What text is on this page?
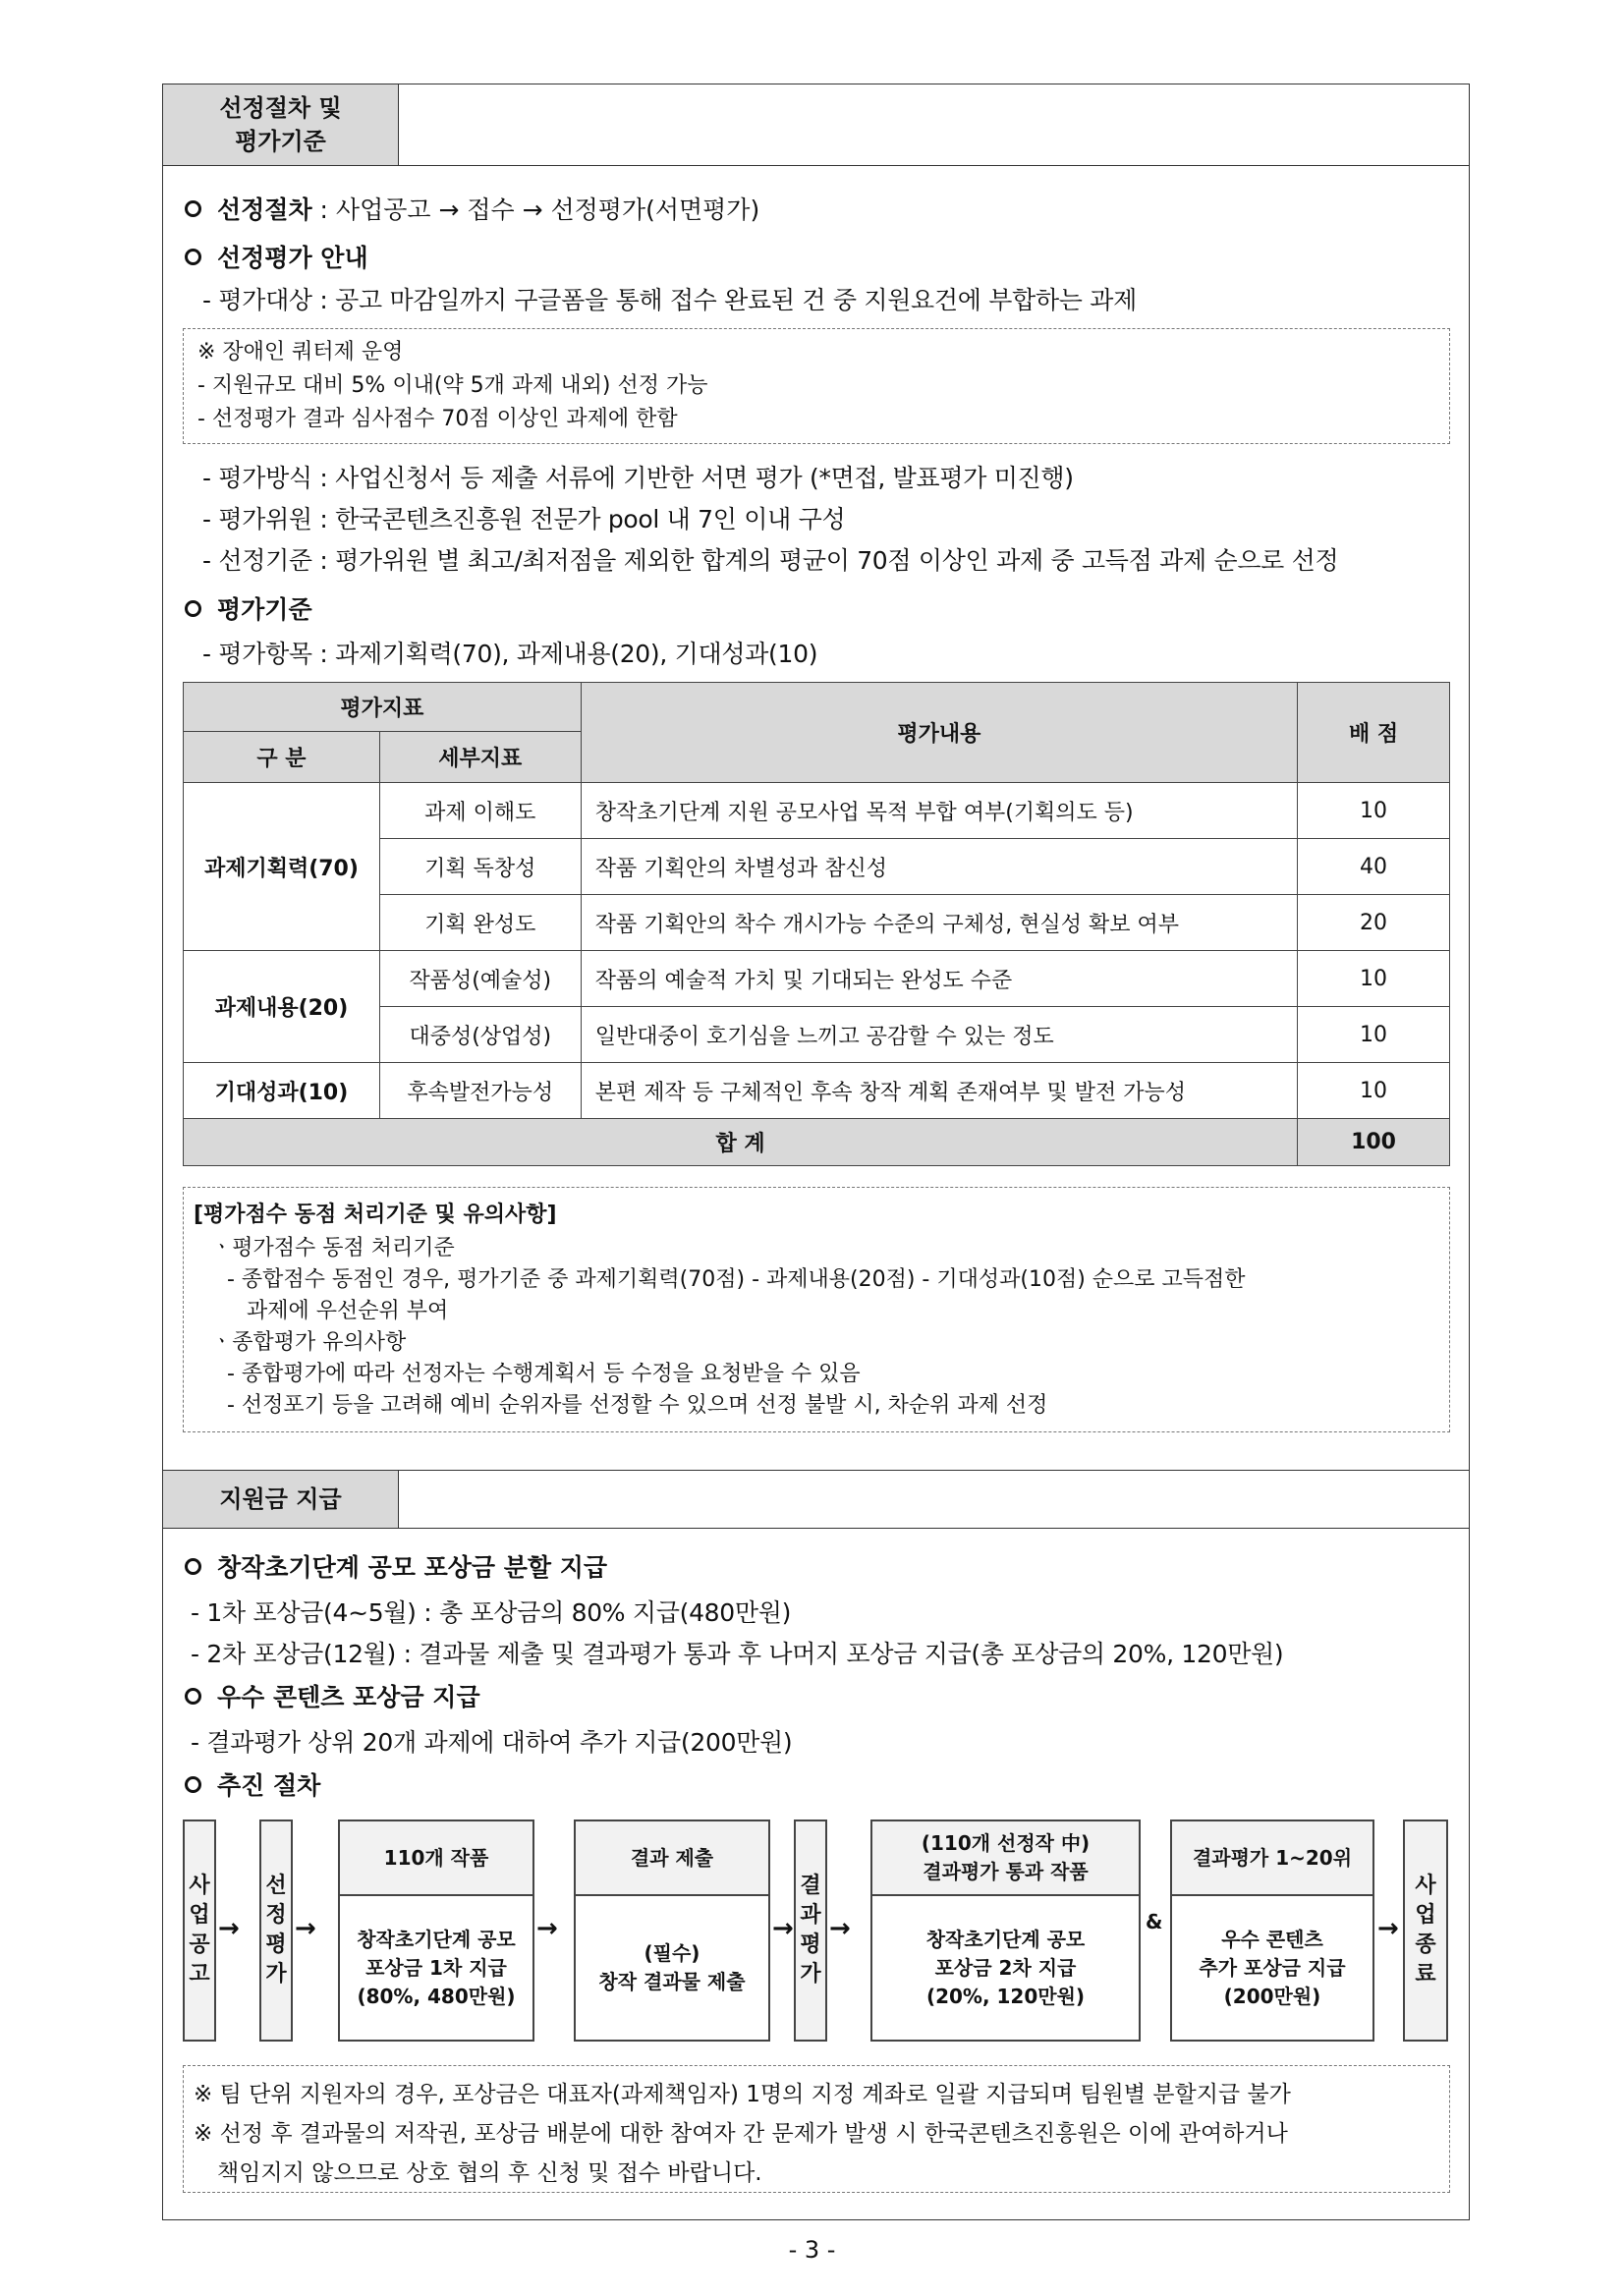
선정절차 및
평가기준
선정절차 : 사업공고 → 접수 → 선정평가(서면평가)
선정평가 안내
- 평가대상 : 공고 마감일까지 구글폼을 통해 접수 완료된 건 중 지원요건에 부합하는 과제
※ 장애인 쿼터제 운영
- 지원규모 대비 5% 이내(약 5개 과제 내외) 선정 가능
- 선정평가 결과 심사점수 70점 이상인 과제에 한함
- 평가방식 : 사업신청서 등 제출 서류에 기반한 서면 평가 (*면접, 발표평가 미진행)
- 평가위원 : 한국콘텐츠진흥원 전문가 pool 내 7인 이내 구성
- 선정기준 : 평가위원 별 최고/최저점을 제외한 합계의 평균이 70점 이상인 과제 중 고득점 과제 순으로 선정
평가기준
- 평가항목 : 과제기획력(70), 과제내용(20), 기대성과(10)
평가지표		평가내용	배 점
구 분	세부지표		
과제기획력(70)	과제 이해도	창작초기단계 지원 공모사업 목적 부합 여부(기획의도 등)	10
	기획 독창성	작품 기획안의 차별성과 참신성	40
	기획 완성도	작품 기획안의 착수 개시가능 수준의 구체성, 현실성 확보 여부	20
과제내용(20)	작품성(예술성)	작품의 예술적 가치 및 기대되는 완성도 수준	10
	대중성(상업성)	일반대중이 호기심을 느끼고 공감할 수 있는 정도	10
기대성과(10)	후속발전가능성	본편 제작 등 구체적인 후속 창작 계획 존재여부 및 발전 가능성	10
합 계			100
[평가점수 동점 처리기준 및 유의사항]
ㆍ평가점수 동점 처리기준
- 종합점수 동점인 경우, 평가기준 중 과제기획력(70점) - 과제내용(20점) - 기대성과(10점) 순으로 고득점한
과제에 우선순위 부여
ㆍ종합평가 유의사항
- 종합평가에 따라 선정자는 수행계획서 등 수정을 요청받을 수 있음
- 선정포기 등을 고려해 예비 순위자를 선정할 수 있으며 선정 불발 시, 차순위 과제 선정
지원금 지급
창작초기단계 공모 포상금 분할 지급
- 1차 포상금(4~5월) : 총 포상금의 80% 지급(480만원)
- 2차 포상금(12월) : 결과물 제출 및 결과평가 통과 후 나머지 포상금 지급(총 포상금의 20%, 120만원)
우수 콘텐츠 포상금 지급
- 결과평가 상위 20개 과제에 대하여 추가 지급(200만원)
추진 절차
사
업
공
고
→
선
정
평
가
→
110개 작품
창작초기단계 공모
포상금 1차 지급
(80%, 480만원)
→
결과 제출
(필수)
창작 결과물 제출
→
결
과
평
가
→
(110개 선정작 中)
결과평가 통과 작품
창작초기단계 공모
포상금 2차 지급
(20%, 120만원)
&
결과평가 1~20위
우수 콘텐츠
추가 포상금 지급
(200만원)
→
사
업
종
료
※ 팀 단위 지원자의 경우, 포상금은 대표자(과제책임자) 1명의 지정 계좌로 일괄 지급되며 팀원별 분할지급 불가
※ 선정 후 결과물의 저작권, 포상금 배분에 대한 참여자 간 문제가 발생 시 한국콘텐츠진흥원은 이에 관여하거나
책임지지 않으므로 상호 협의 후 신청 및 접수 바랍니다.
- 3 -
